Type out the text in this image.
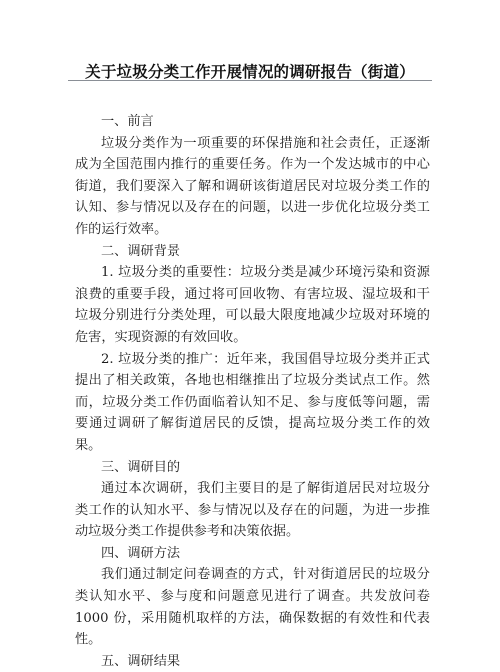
关于垃圾分类工作开展情况的调研报告（街道）

一、前言

垃圾分类作为一项重要的环保措施和社会责任，正逐渐成为全国范围内推行的重要任务。作为一个发达城市的中心街道，我们要深入了解和调研该街道居民对垃圾分类工作的认知、参与情况以及存在的问题，以进一步优化垃圾分类工作的运行效率。

二、调研背景

1. 垃圾分类的重要性：垃圾分类是减少环境污染和资源浪费的重要手段，通过将可回收物、有害垃圾、湿垃圾和干垃圾分别进行分类处理，可以最大限度地减少垃圾对环境的危害，实现资源的有效回收。

2. 垃圾分类的推广：近年来，我国倡导垃圾分类并正式提出了相关政策，各地也相继推出了垃圾分类试点工作。然而，垃圾分类工作仍面临着认知不足、参与度低等问题，需要通过调研了解街道居民的反馈，提高垃圾分类工作的效果。

三、调研目的

通过本次调研，我们主要目的是了解街道居民对垃圾分类工作的认知水平、参与情况以及存在的问题，为进一步推动垃圾分类工作提供参考和决策依据。

四、调研方法

我们通过制定问卷调查的方式，针对街道居民的垃圾分类认知水平、参与度和问题意见进行了调查。共发放问卷 1000 份，采用随机取样的方法，确保数据的有效性和代表性。

五、调研结果
